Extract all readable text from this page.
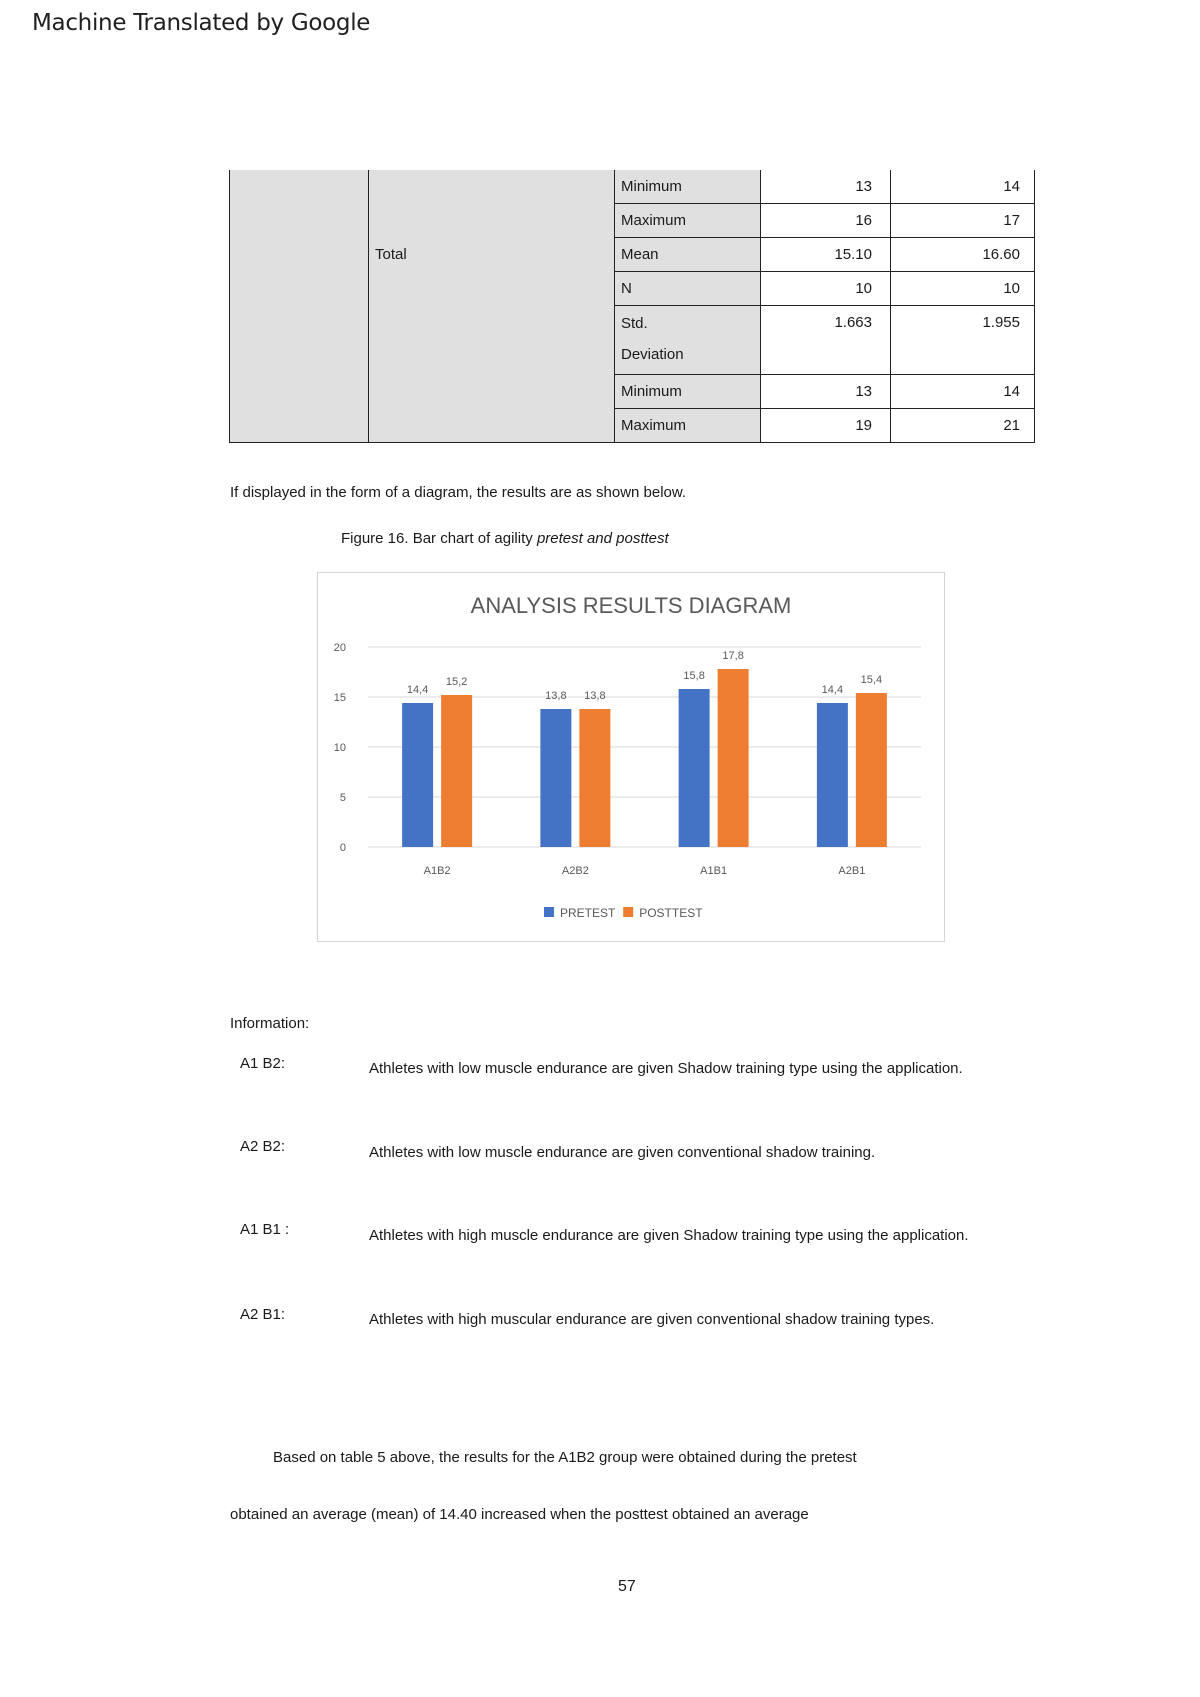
Machine Translated by Google
		Minimum	13	14
		Maximum	16	17
	Total	Mean	15.10	16.60
		N	10	10
		Std. Deviation	1.663	1.955
		Minimum	13	14
		Maximum	19	21
If displayed in the form of a diagram, the results are as shown below.
Figure 16. Bar chart of agility pretest and posttest
ANALYSIS RESULTS DIAGRAM
0
5
10
15
20
14,4
15,2
A1B2
13,8 13,8
A2B2
15,8
17,8
A1B1
14,4
15,4
A2B1
PRETEST POSTTEST
Information:
A1 B2:	Athletes with low muscle endurance are given Shadow training type using the application.
A2 B2:	Athletes with low muscle endurance are given conventional shadow training.
A1 B1 :	Athletes with high muscle endurance are given Shadow training type using the application.
A2 B1:	Athletes with high muscular endurance are given conventional shadow training types.
Based on table 5 above, the results for the A1B2 group were obtained during the pretest
obtained an average (mean) of 14.40 increased when the posttest obtained an average
57
